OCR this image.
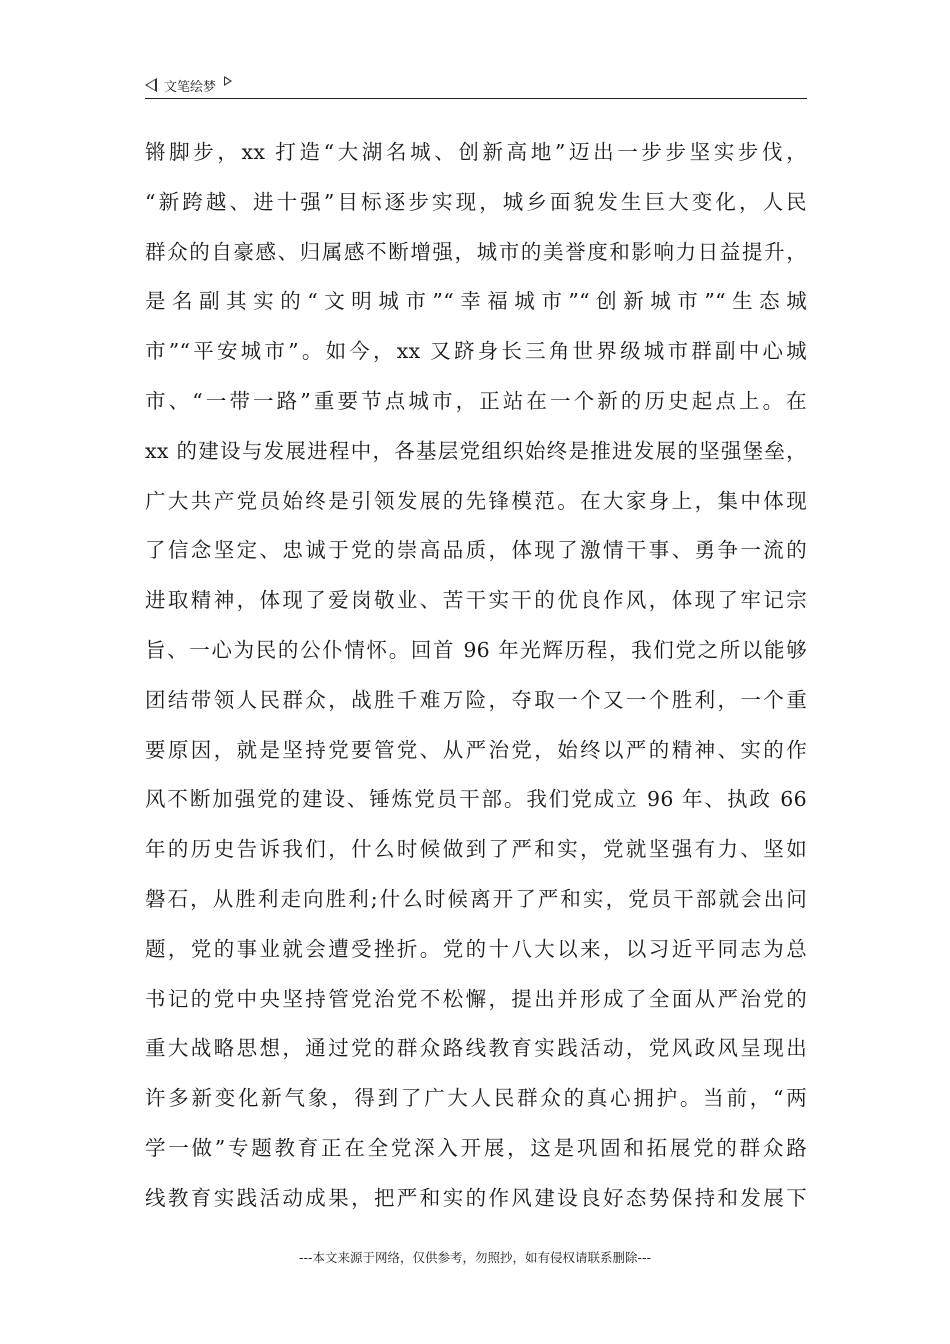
文笔绘梦
锵脚步，xx 打造“大湖名城、创新高地”迈出一步步坚实步伐，
“新跨越、进十强”目标逐步实现，城乡面貌发生巨大变化，人民
群众的自豪感、归属感不断增强，城市的美誉度和影响力日益提升，
是名副其实的“文明城市”“幸福城市”“创新城市”“生态城
市”“平安城市”。如今，xx 又跻身长三角世界级城市群副中心城
市、“一带一路”重要节点城市，正站在一个新的历史起点上。在
xx 的建设与发展进程中，各基层党组织始终是推进发展的坚强堡垒，
广大共产党员始终是引领发展的先锋模范。在大家身上，集中体现
了信念坚定、忠诚于党的崇高品质，体现了激情干事、勇争一流的
进取精神，体现了爱岗敬业、苦干实干的优良作风，体现了牢记宗
旨、一心为民的公仆情怀。回首 96 年光辉历程，我们党之所以能够
团结带领人民群众，战胜千难万险，夺取一个又一个胜利，一个重
要原因，就是坚持党要管党、从严治党，始终以严的精神、实的作
风不断加强党的建设、锤炼党员干部。我们党成立 96 年、执政 66
年的历史告诉我们，什么时候做到了严和实，党就坚强有力、坚如
磐石，从胜利走向胜利;什么时候离开了严和实，党员干部就会出问
题，党的事业就会遭受挫折。党的十八大以来，以习近平同志为总
书记的党中央坚持管党治党不松懈，提出并形成了全面从严治党的
重大战略思想，通过党的群众路线教育实践活动，党风政风呈现出
许多新变化新气象，得到了广大人民群众的真心拥护。当前，“两
学一做”专题教育正在全党深入开展，这是巩固和拓展党的群众路
线教育实践活动成果，把严和实的作风建设良好态势保持和发展下
---本文来源于网络，仅供参考，勿照抄，如有侵权请联系删除---
